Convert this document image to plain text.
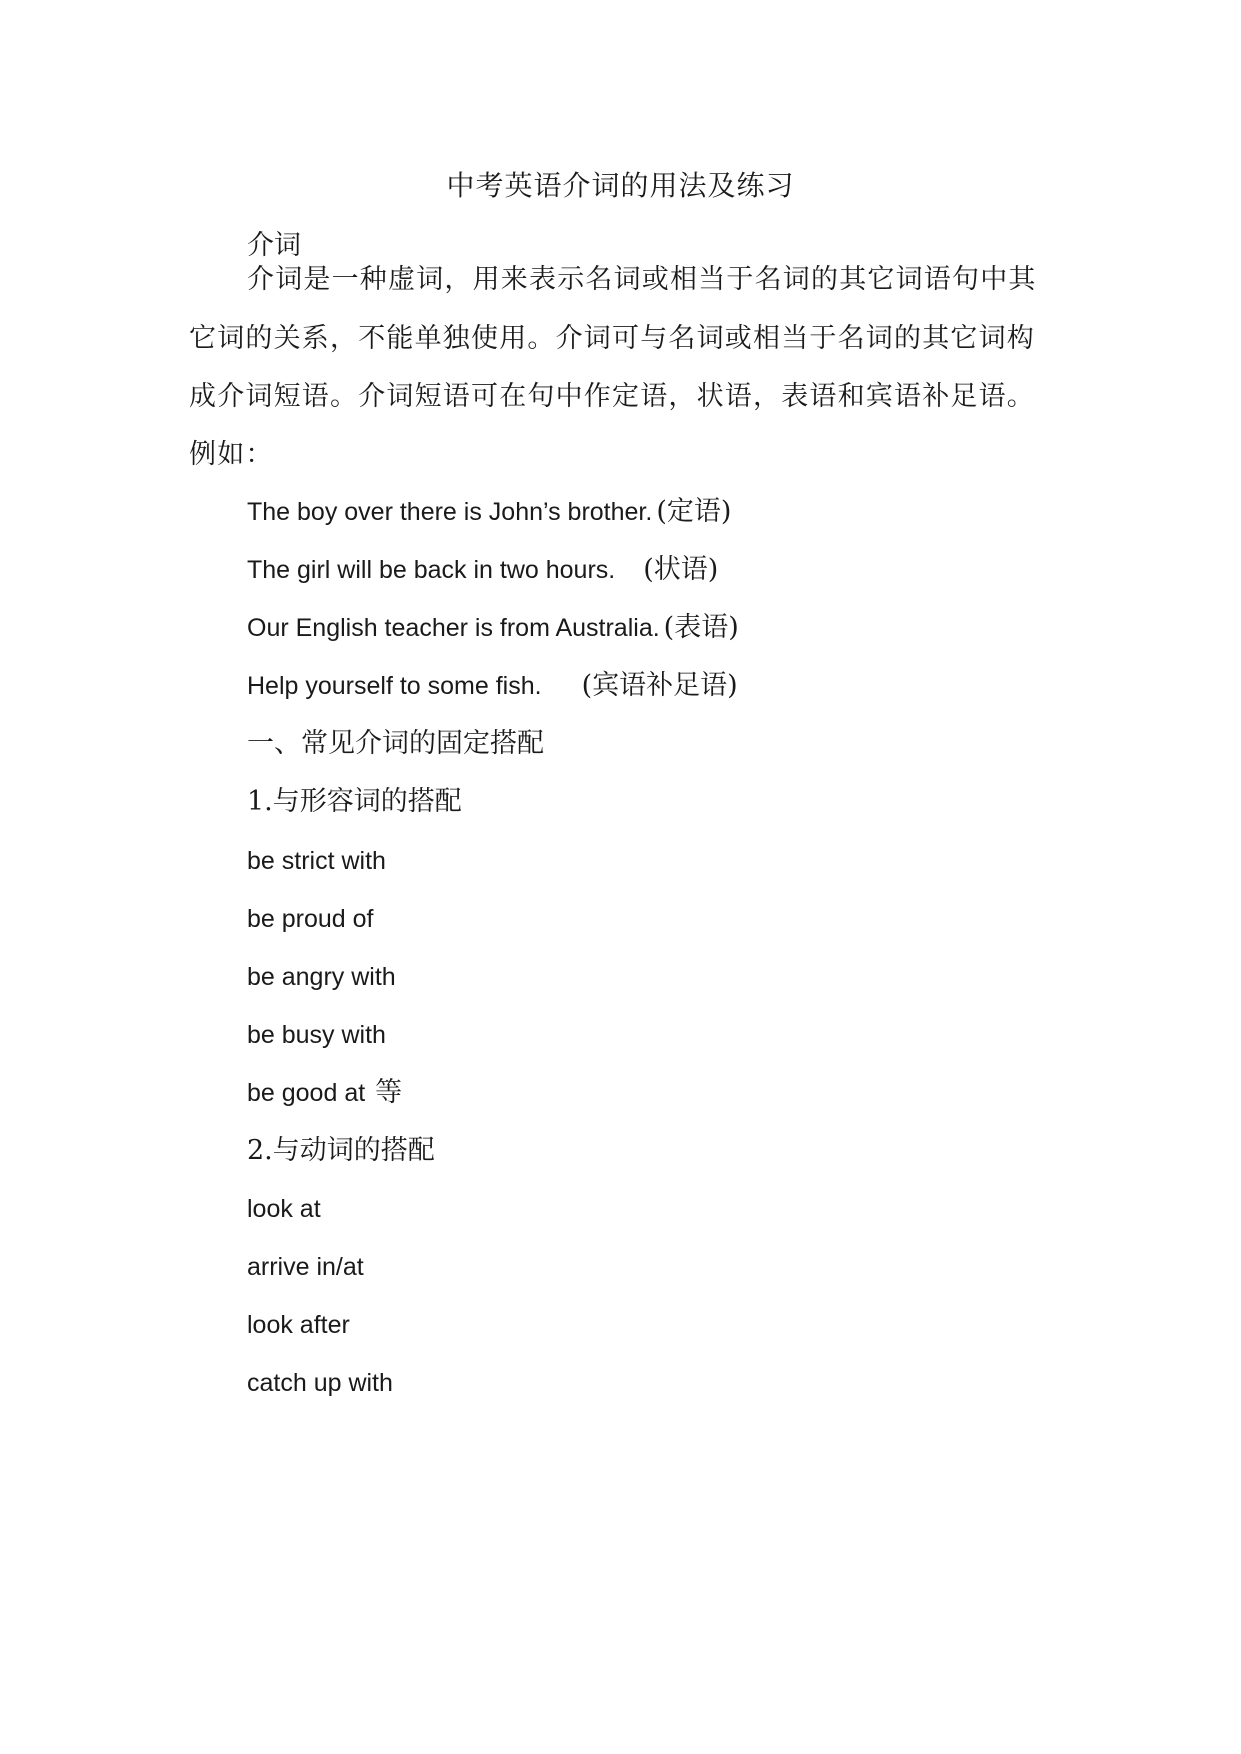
中考英语介词的用法及练习
介词
介词是一种虚词，用来表示名词或相当于名词的其它词语句中其
它词的关系，不能单独使用。介词可与名词或相当于名词的其它词构
成介词短语。介词短语可在句中作定语，状语，表语和宾语补足语。
例如：
The boy over there is John’s brother. (定语)
The girl will be back in two hours. (状语)
Our English teacher is from Australia. (表语)
Help yourself to some fish. (宾语补足语)
一、常见介词的固定搭配
1.与形容词的搭配
be strict with
be proud of
be angry with
be busy with
be good at 等
2.与动词的搭配
look at
arrive in/at
look after
catch up with
